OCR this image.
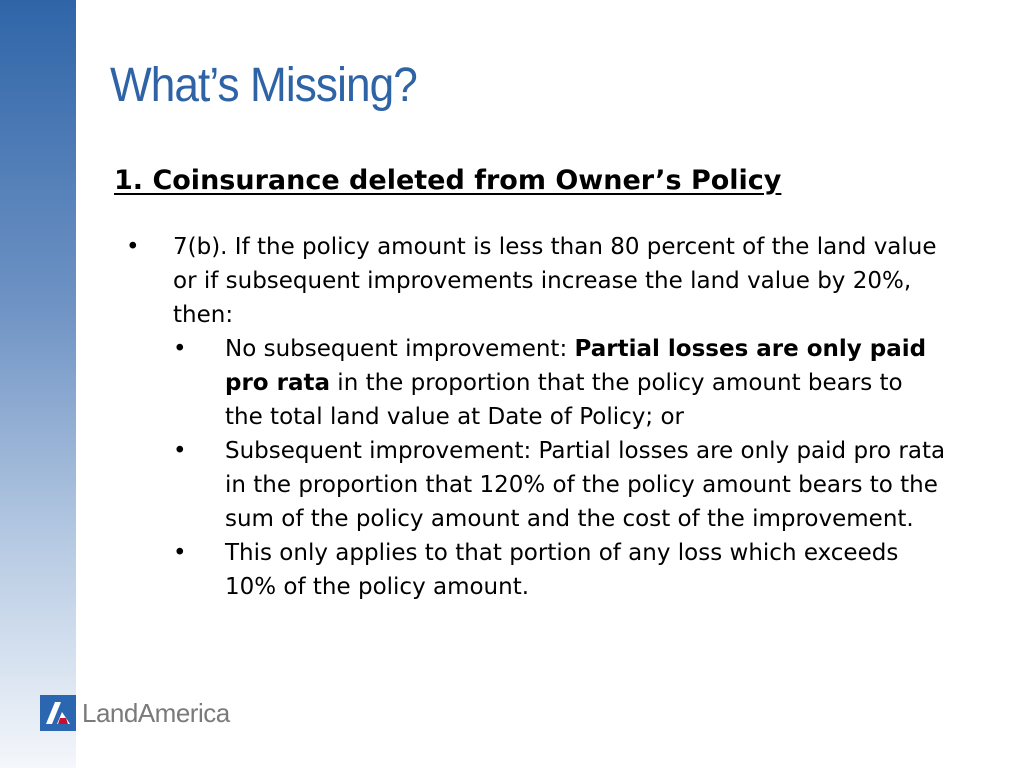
What’s Missing?
1. Coinsurance deleted from Owner’s Policy
• 7(b). If the policy amount is less than 80 percent of the land value or if subsequent improvements increase the land value by 20%, then:
• No subsequent improvement: Partial losses are only paid pro rata in the proportion that the policy amount bears to the total land value at Date of Policy; or
• Subsequent improvement: Partial losses are only paid pro rata in the proportion that 120% of the policy amount bears to the sum of the policy amount and the cost of the improvement.
• This only applies to that portion of any loss which exceeds 10% of the policy amount.
LandAmerica
